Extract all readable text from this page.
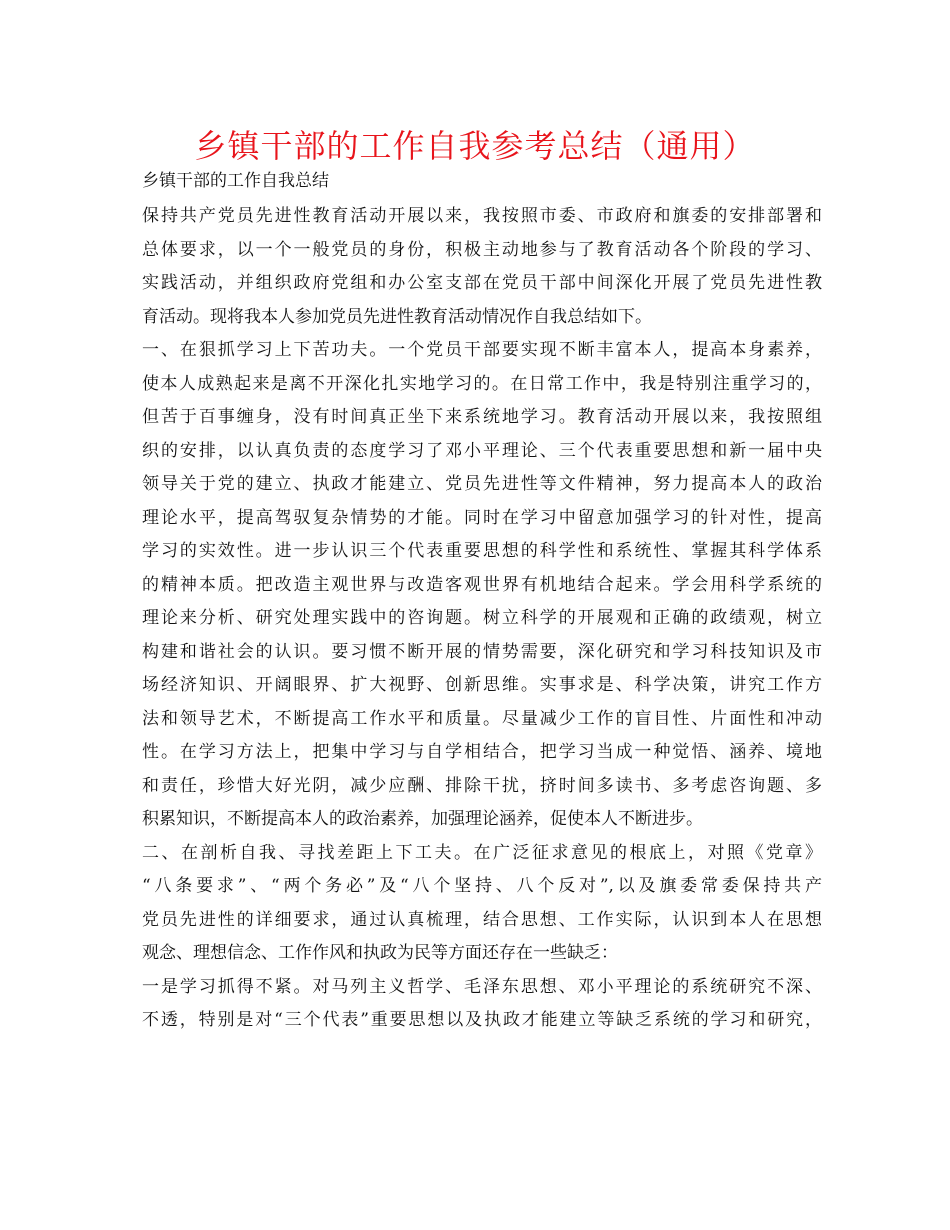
乡镇干部的工作自我参考总结（通用）

乡镇干部的工作自我总结

保持共产党员先进性教育活动开展以来，我按照市委、市政府和旗委的安排部署和
总体要求，以一个一般党员的身份，积极主动地参与了教育活动各个阶段的学习、
实践活动，并组织政府党组和办公室支部在党员干部中间深化开展了党员先进性教
育活动。现将我本人参加党员先进性教育活动情况作自我总结如下。
一、在狠抓学习上下苦功夫。一个党员干部要实现不断丰富本人，提高本身素养，
使本人成熟起来是离不开深化扎实地学习的。在日常工作中，我是特别注重学习的，
但苦于百事缠身，没有时间真正坐下来系统地学习。教育活动开展以来，我按照组
织的安排，以认真负责的态度学习了邓小平理论、三个代表重要思想和新一届中央
领导关于党的建立、执政才能建立、党员先进性等文件精神，努力提高本人的政治
理论水平，提高驾驭复杂情势的才能。同时在学习中留意加强学习的针对性，提高
学习的实效性。进一步认识三个代表重要思想的科学性和系统性、掌握其科学体系
的精神本质。把改造主观世界与改造客观世界有机地结合起来。学会用科学系统的
理论来分析、研究处理实践中的咨询题。树立科学的开展观和正确的政绩观，树立
构建和谐社会的认识。要习惯不断开展的情势需要，深化研究和学习科技知识及市
场经济知识、开阔眼界、扩大视野、创新思维。实事求是、科学决策，讲究工作方
法和领导艺术，不断提高工作水平和质量。尽量减少工作的盲目性、片面性和冲动
性。在学习方法上，把集中学习与自学相结合，把学习当成一种觉悟、涵养、境地
和责任，珍惜大好光阴，减少应酬、排除干扰，挤时间多读书、多考虑咨询题、多
积累知识，不断提高本人的政治素养，加强理论涵养，促使本人不断进步。
二、在剖析自我、寻找差距上下工夫。在广泛征求意见的根底上，对照《党章》
“八条要求”、“两个务必”及“八个坚持、八个反对”,以及旗委常委保持共产
党员先进性的详细要求，通过认真梳理，结合思想、工作实际，认识到本人在思想
观念、理想信念、工作作风和执政为民等方面还存在一些缺乏：
一是学习抓得不紧。对马列主义哲学、毛泽东思想、邓小平理论的系统研究不深、
不透，特别是对“三个代表”重要思想以及执政才能建立等缺乏系统的学习和研究，
